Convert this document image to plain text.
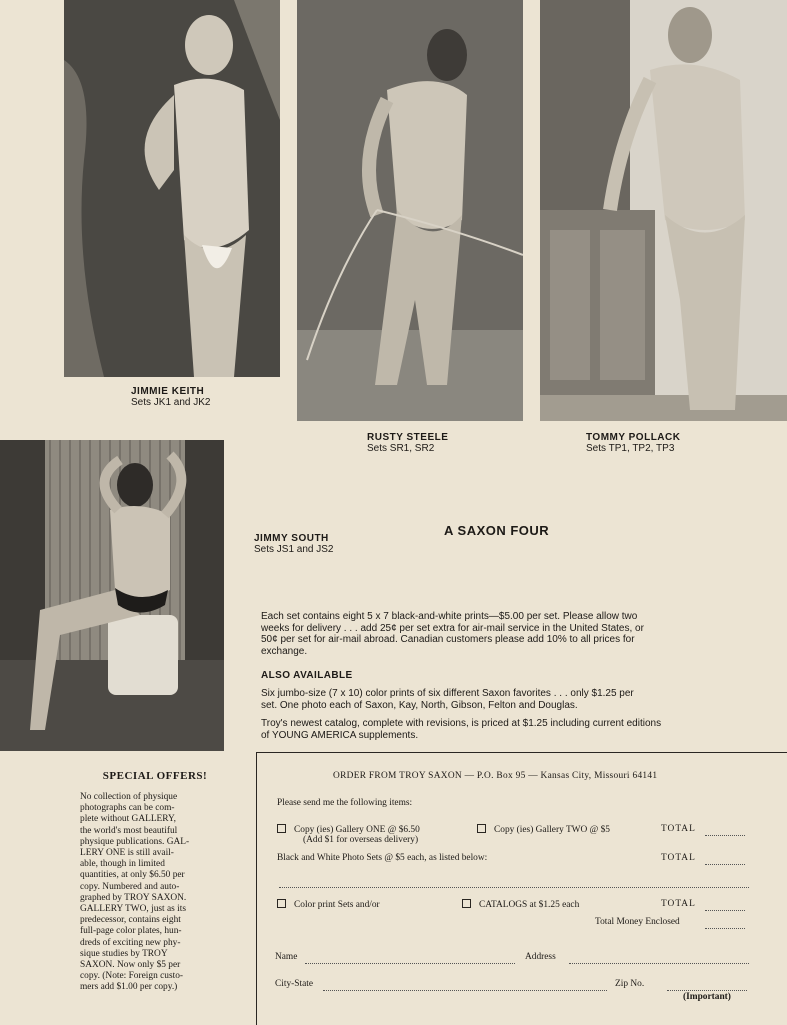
JIMMIE KEITH
Sets JK1 and JK2
RUSTY STEELE
Sets SR1, SR2
TOMMY POLLACK
Sets TP1, TP2, TP3
JIMMY SOUTH
Sets JS1 and JS2
A SAXON FOUR
Each set contains eight 5 x 7 black-and-white prints—$5.00 per set. Please allow two
weeks for delivery . . . add 25¢ per set extra for air-mail service in the United States, or
50¢ per set for air-mail abroad. Canadian customers please add 10% to all prices for
exchange.
ALSO AVAILABLE
Six jumbo-size (7 x 10) color prints of six different Saxon favorites . . . only $1.25 per
set. One photo each of Saxon, Kay, North, Gibson, Felton and Douglas.
Troy's newest catalog, complete with revisions, is priced at $1.25 including current editions
of YOUNG AMERICA supplements.
SPECIAL OFFERS!
No collection of physique
photographs can be com-
plete without GALLERY,
the world's most beautiful
physique publications. GAL-
LERY ONE is still avail-
able, though in limited
quantities, at only $6.50 per
copy. Numbered and auto-
graphed by TROY SAXON.
GALLERY TWO, just as its
predecessor, contains eight
full-page color plates, hun-
dreds of exciting new phy-
sique studies by TROY
SAXON. Now only $5 per
copy. (Note: Foreign custo-
mers add $1.00 per copy.)
ORDER FROM TROY SAXON — P.O. Box 95 — Kansas City, Missouri 64141
Please send me the following items:
Copy (ies) Gallery ONE @ $6.50
(Add $1 for overseas delivery)
Copy (ies) Gallery TWO @ $5	TOTAL
Black and White Photo Sets @ $5 each, as listed below:	TOTAL
Color print Sets and/or	CATALOGS at $1.25 each	TOTAL
Total Money Enclosed
Name	Address
City-State	Zip No.
(Important)
